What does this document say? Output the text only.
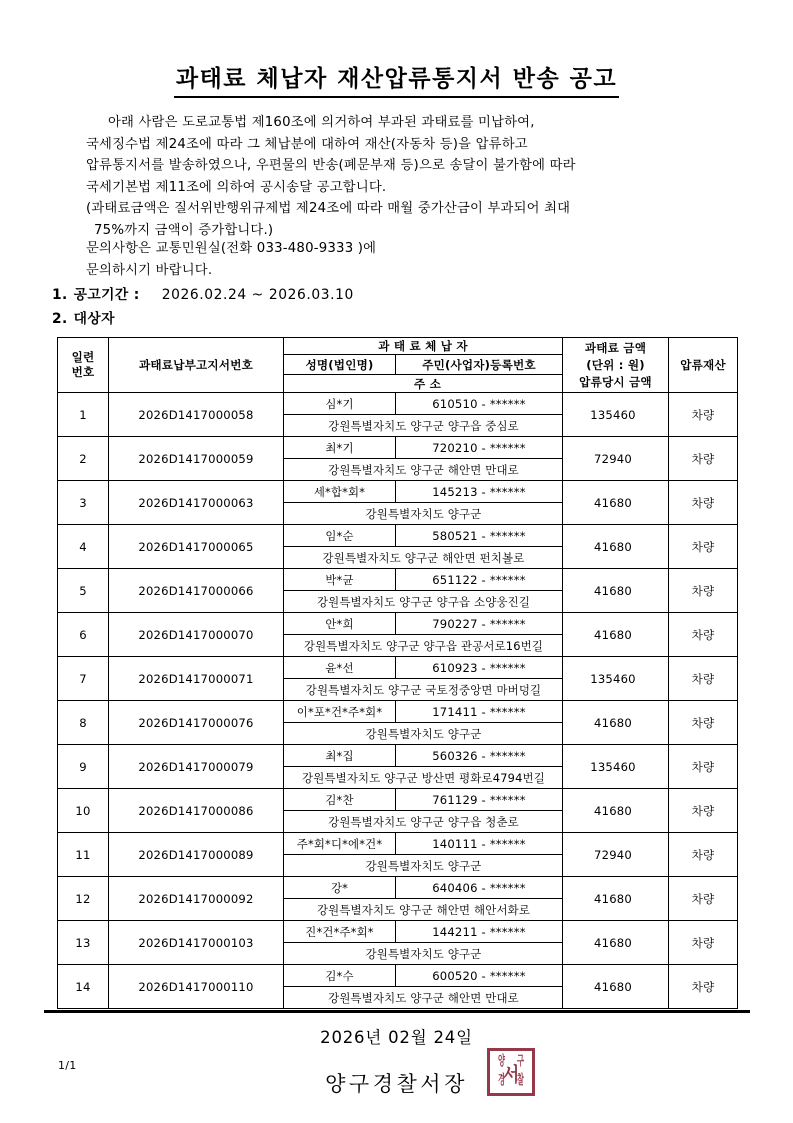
과태료 체납자 재산압류통지서 반송 공고
아래 사람은 도로교통법 제160조에 의거하여 부과된 과태료를 미납하여,
국세징수법 제24조에 따라 그 체납분에 대하여 재산(자동차 등)을 압류하고
압류통지서를 발송하였으나, 우편물의 반송(폐문부재 등)으로 송달이 불가함에 따라
국세기본법 제11조에 의하여 공시송달 공고합니다.
(과태료금액은 질서위반행위규제법 제24조에 따라 매월 중가산금이 부과되어 최대
75%까지 금액이 증가합니다.)
문의사항은 교통민원실(전화 033-480-9333 )에
문의하시기 바랍니다.
1. 공고기간 : 2026.02.24 ~ 2026.03.10
2. 대상자
일련
번호	과태료납부고지서번호	과 태 료 체 납 자		과태료 금액
(단위 : 원)
압류당시 금액	압류재산
		성명(법인명)	주민(사업자)등록번호		
		주 소			
1	2026D1417000058	심*기	610510 - ******	135460	차량

		강원특별자치도 양구군 양구읍 중심로			

2	2026D1417000059	최*기	720210 - ******	72940	차량

		강원특별자치도 양구군 해안면 만대로			

3	2026D1417000063	세*합*회*	145213 - ******	41680	차량

		강원특별자치도 양구군			

4	2026D1417000065	임*순	580521 - ******	41680	차량

		강원특별자치도 양구군 해안면 펀치볼로			

5	2026D1417000066	박*균	651122 - ******	41680	차량

		강원특별자치도 양구군 양구읍 소양웅진길			

6	2026D1417000070	안*희	790227 - ******	41680	차량

		강원특별자치도 양구군 양구읍 관공서로16번길			

7	2026D1417000071	윤*선	610923 - ******	135460	차량

		강원특별자치도 양구군 국토정중앙면 마버덩길			

8	2026D1417000076	이*포*건*주*회*	171411 - ******	41680	차량

		강원특별자치도 양구군			

9	2026D1417000079	최*집	560326 - ******	135460	차량

		강원특별자치도 양구군 방산면 평화로4794번길			

10	2026D1417000086	김*찬	761129 - ******	41680	차량

		강원특별자치도 양구군 양구읍 청춘로			

11	2026D1417000089	주*회*디*에*건*	140111 - ******	72940	차량

		강원특별자치도 양구군			

12	2026D1417000092	강*	640406 - ******	41680	차량

		강원특별자치도 양구군 해안면 해안서화로			

13	2026D1417000103	진*건*주*회*	144211 - ******	41680	차량

		강원특별자치도 양구군			

14	2026D1417000110	김*수	600520 - ******	41680	차량

		강원특별자치도 양구군 해안면 만대로			
1/1
2026년 02월 24일
양구경찰서장
양	구
경	찰
서
